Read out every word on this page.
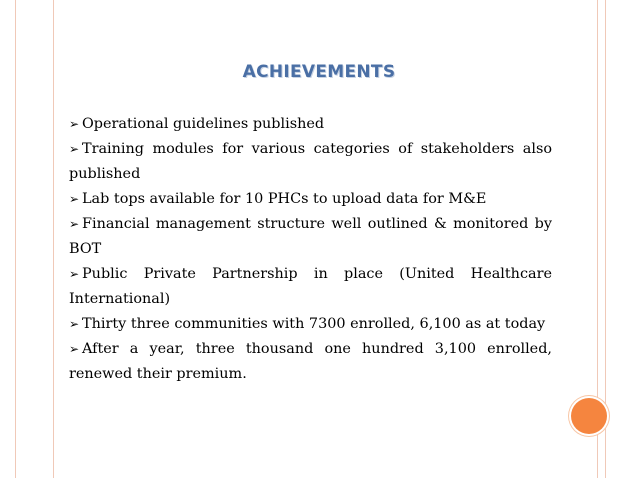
ACHIEVEMENTS

➢ Operational guidelines published

➢ Training modules for various categories of stakeholders also published

➢ Lab tops available for 10 PHCs to upload data for M&E

➢ Financial management structure well outlined & monitored by BOT

➢ Public Private Partnership in place (United Healthcare International)

➢ Thirty three communities with 7300 enrolled, 6,100 as at today

➢ After a year, three thousand one hundred 3,100 enrolled, renewed their premium.
